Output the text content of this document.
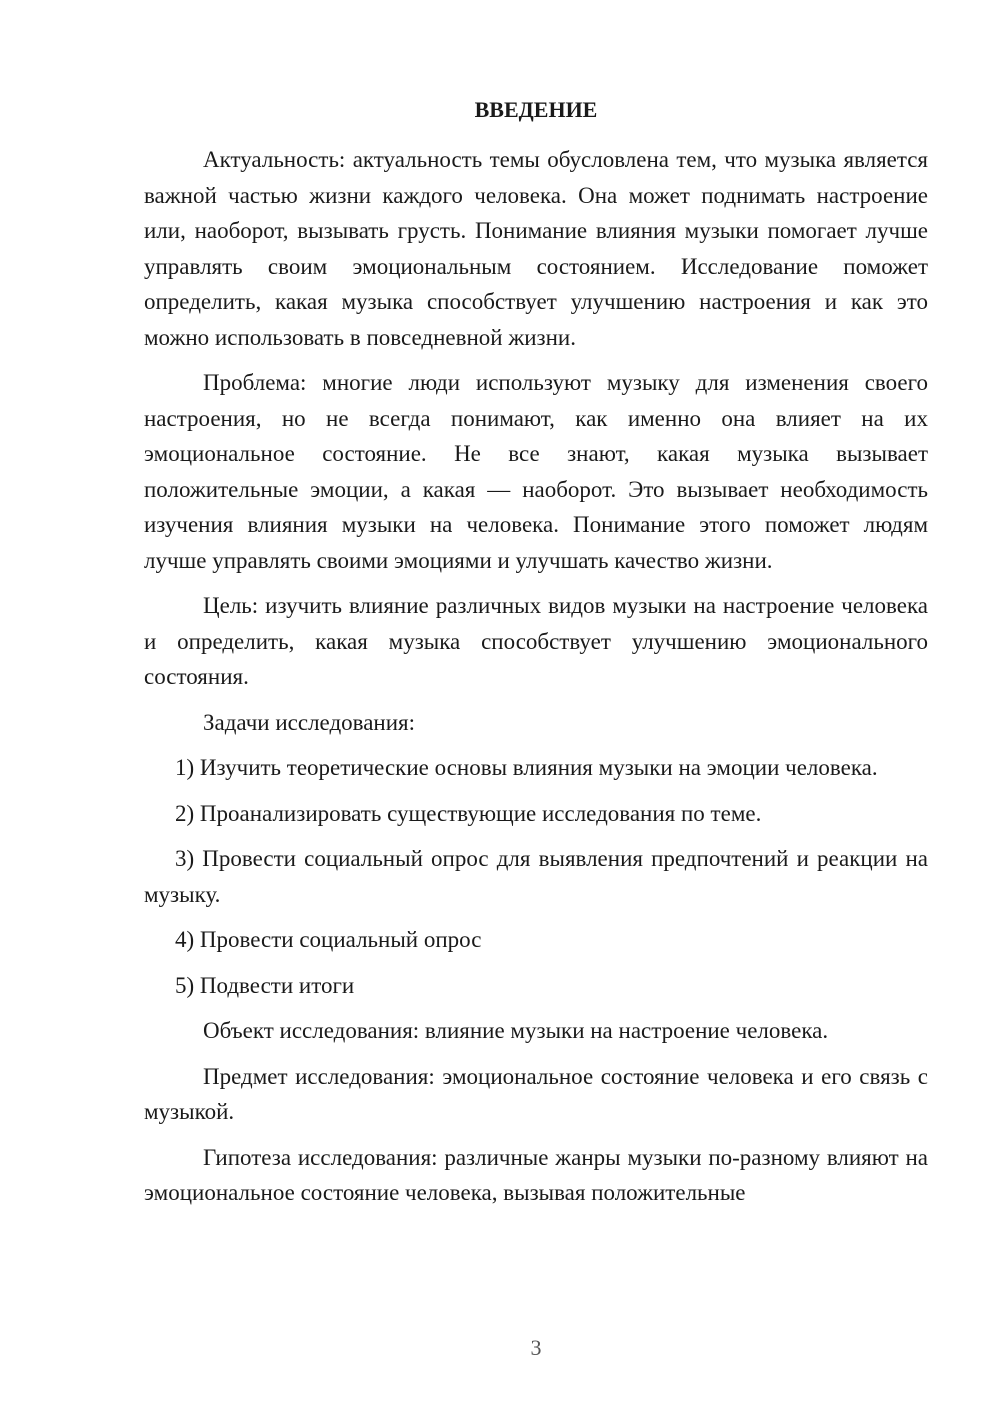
ВВЕДЕНИЕ

Актуальность: актуальность темы обусловлена тем, что музыка является важной частью жизни каждого человека. Она может поднимать настроение или, наоборот, вызывать грусть. Понимание влияния музыки помогает лучше управлять своим эмоциональным состоянием. Исследование поможет определить, какая музыка способствует улучшению настроения и как это можно использовать в повседневной жизни.

Проблема: многие люди используют музыку для изменения своего настроения, но не всегда понимают, как именно она влияет на их эмоциональное состояние. Не все знают, какая музыка вызывает положительные эмоции, а какая — наоборот. Это вызывает необходимость изучения влияния музыки на человека. Понимание этого поможет людям лучше управлять своими эмоциями и улучшать качество жизни.

Цель: изучить влияние различных видов музыки на настроение человека и определить, какая музыка способствует улучшению эмоционального состояния.

Задачи исследования:

1) Изучить теоретические основы влияния музыки на эмоции человека.

2) Проанализировать существующие исследования по теме.

3) Провести социальный опрос для выявления предпочтений и реакции на музыку.

4) Провести социальный опрос

5) Подвести итоги

Объект исследования: влияние музыки на настроение человека.

Предмет исследования: эмоциональное состояние человека и его связь с музыкой.

Гипотеза исследования: различные жанры музыки по-разному влияют на эмоциональное состояние человека, вызывая положительные

3
